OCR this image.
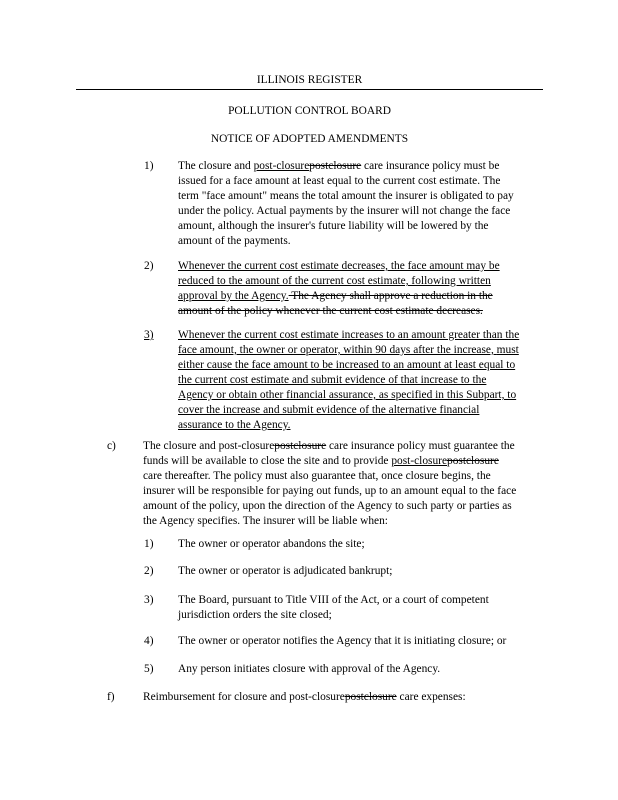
ILLINOIS REGISTER
POLLUTION CONTROL BOARD
NOTICE OF ADOPTED AMENDMENTS
1) The closure and post-closurepostclosure care insurance policy must be
issued for a face amount at least equal to the current cost estimate. The
term "face amount" means the total amount the insurer is obligated to pay
under the policy. Actual payments by the insurer will not change the face
amount, although the insurer's future liability will be lowered by the
amount of the payments.
2) Whenever the current cost estimate decreases, the face amount may be
reduced to the amount of the current cost estimate, following written
approval by the Agency. The Agency shall approve a reduction in the
amount of the policy whenever the current cost estimate decreases.
3) Whenever the current cost estimate increases to an amount greater than the
face amount, the owner or operator, within 90 days after the increase, must
either cause the face amount to be increased to an amount at least equal to
the current cost estimate and submit evidence of that increase to the
Agency or obtain other financial assurance, as specified in this Subpart, to
cover the increase and submit evidence of the alternative financial
assurance to the Agency.
c) The closure and post-closurepostclosure care insurance policy must guarantee the
funds will be available to close the site and to provide post-closurepostclosure
care thereafter. The policy must also guarantee that, once closure begins, the
insurer will be responsible for paying out funds, up to an amount equal to the face
amount of the policy, upon the direction of the Agency to such party or parties as
the Agency specifies. The insurer will be liable when:
1) The owner or operator abandons the site;
2) The owner or operator is adjudicated bankrupt;
3) The Board, pursuant to Title VIII of the Act, or a court of competent
jurisdiction orders the site closed;
4) The owner or operator notifies the Agency that it is initiating closure; or
5) Any person initiates closure with approval of the Agency.
f) Reimbursement for closure and post-closurepostclosure care expenses:
